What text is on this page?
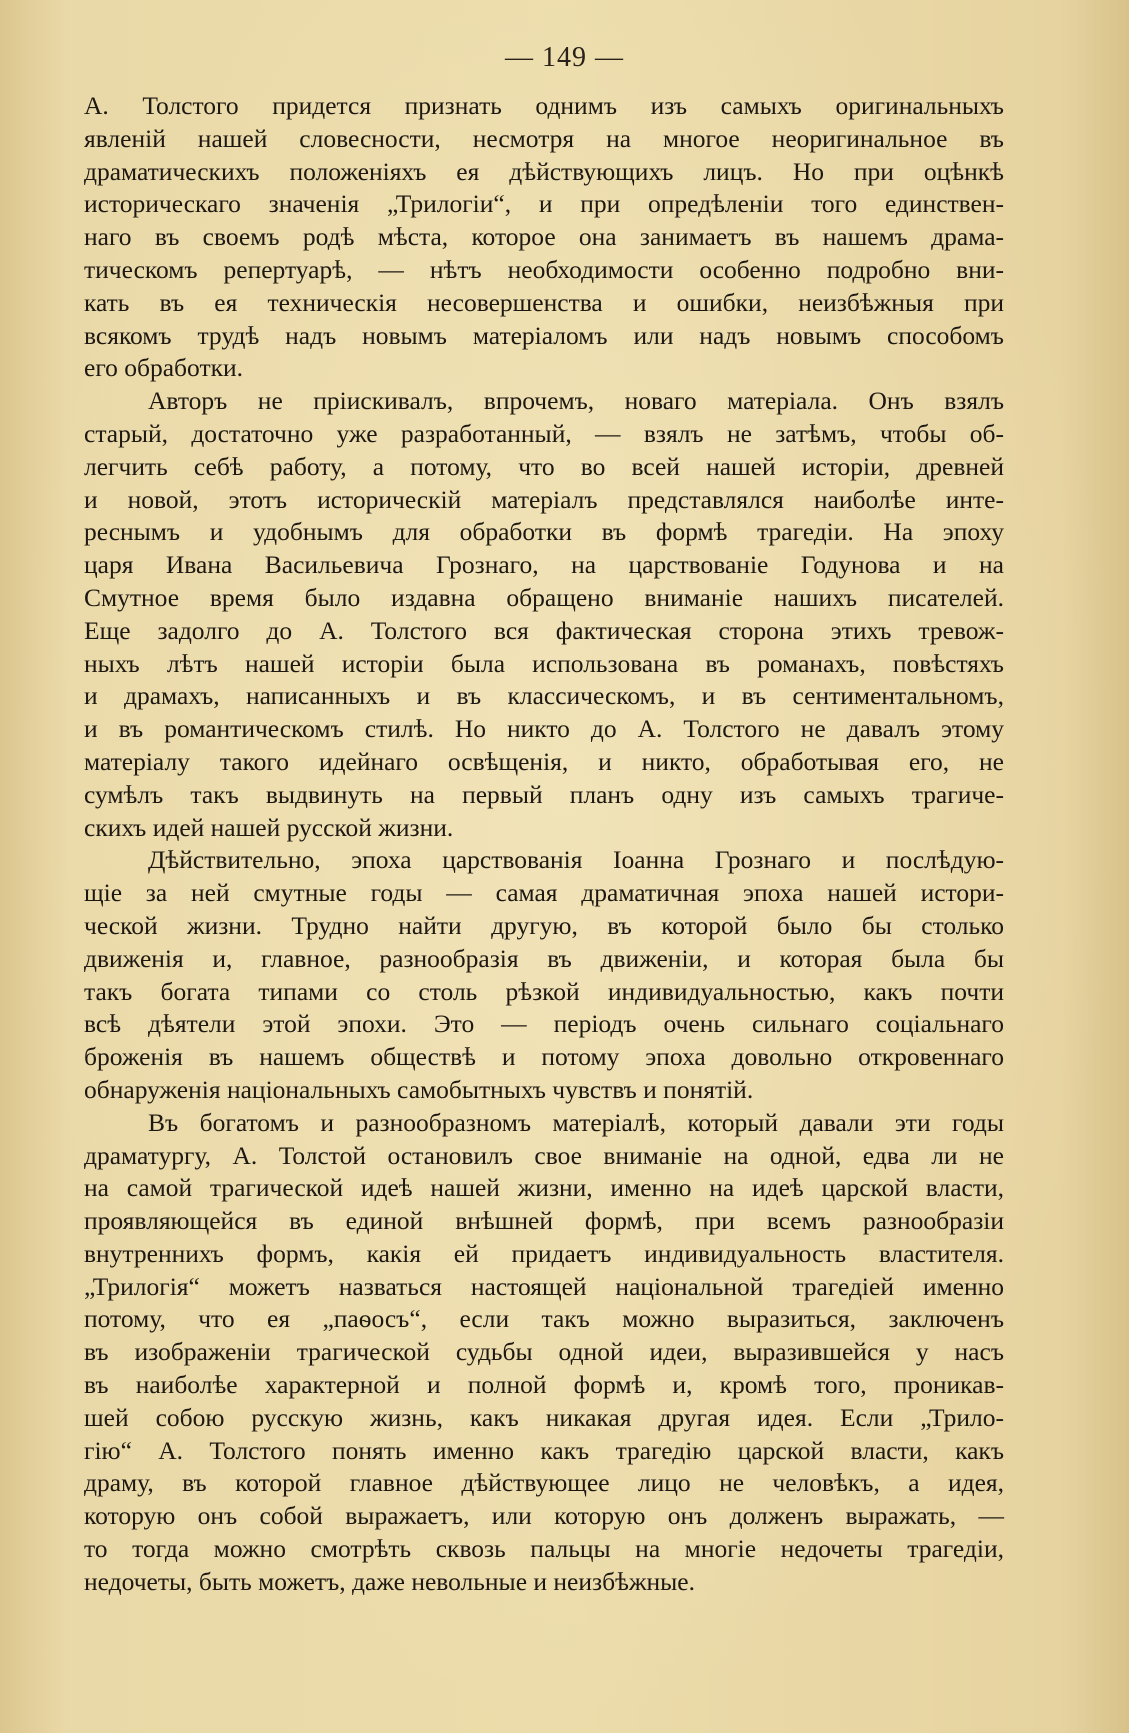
— 149 —
А. Толстого придется признать однимъ изъ самыхъ оригинальныхъ
явленій нашей словесности, несмотря на многое неоригинальное въ
драматическихъ положеніяхъ ея дѣйствующихъ лицъ. Но при оцѣнкѣ
историческаго значенія „Трилогіи“, и при опредѣленіи того единствен-
наго въ своемъ родѣ мѣста, которое она занимаетъ въ нашемъ драма-
тическомъ репертуарѣ, — нѣтъ необходимости особенно подробно вни-
кать въ ея техническія несовершенства и ошибки, неизбѣжныя при
всякомъ трудѣ надъ новымъ матеріаломъ или надъ новымъ способомъ
его обработки.
Авторъ не пріискивалъ, впрочемъ, новаго матеріала. Онъ взялъ
старый, достаточно уже разработанный, — взялъ не затѣмъ, чтобы об-
легчить себѣ работу, а потому, что во всей нашей исторіи, древней
и новой, этотъ историческій матеріалъ представлялся наиболѣе инте-
реснымъ и удобнымъ для обработки въ формѣ трагедіи. На эпоху
царя Ивана Васильевича Грознаго, на царствованіе Годунова и на
Смутное время было издавна обращено вниманіе нашихъ писателей.
Еще задолго до А. Толстого вся фактическая сторона этихъ тревож-
ныхъ лѣтъ нашей исторіи была использована въ романахъ, повѣстяхъ
и драмахъ, написанныхъ и въ классическомъ, и въ сентиментальномъ,
и въ романтическомъ стилѣ. Но никто до А. Толстого не давалъ этому
матеріалу такого идейнаго освѣщенія, и никто, обработывая его, не
сумѣлъ такъ выдвинуть на первый планъ одну изъ самыхъ трагиче-
скихъ идей нашей русской жизни.
Дѣйствительно, эпоха царствованія Іоанна Грознаго и послѣдую-
щіе за ней смутные годы — самая драматичная эпоха нашей истори-
ческой жизни. Трудно найти другую, въ которой было бы столько
движенія и, главное, разнообразія въ движеніи, и которая была бы
такъ богата типами со столь рѣзкой индивидуальностью, какъ почти
всѣ дѣятели этой эпохи. Это — періодъ очень сильнаго соціальнаго
броженія въ нашемъ обществѣ и потому эпоха довольно откровеннаго
обнаруженія національныхъ самобытныхъ чувствъ и понятій.
Въ богатомъ и разнообразномъ матеріалѣ, который давали эти годы
драматургу, А. Толстой остановилъ свое вниманіе на одной, едва ли не
на самой трагической идеѣ нашей жизни, именно на идеѣ царской власти,
проявляющейся въ единой внѣшней формѣ, при всемъ разнообразіи
внутреннихъ формъ, какія ей придаетъ индивидуальность властителя.
„Трилогія“ можетъ назваться настоящей національной трагедіей именно
потому, что ея „паѳосъ“, если такъ можно выразиться, заключенъ
въ изображеніи трагической судьбы одной идеи, выразившейся у насъ
въ наиболѣе характерной и полной формѣ и, кромѣ того, проникав-
шей собою русскую жизнь, какъ никакая другая идея. Если „Трило-
гію“ А. Толстого понять именно какъ трагедію царской власти, какъ
драму, въ которой главное дѣйствующее лицо не человѣкъ, а идея,
которую онъ собой выражаетъ, или которую онъ долженъ выражать, —
то тогда можно смотрѣть сквозь пальцы на многіе недочеты трагедіи,
недочеты, быть можетъ, даже невольные и неизбѣжные.
